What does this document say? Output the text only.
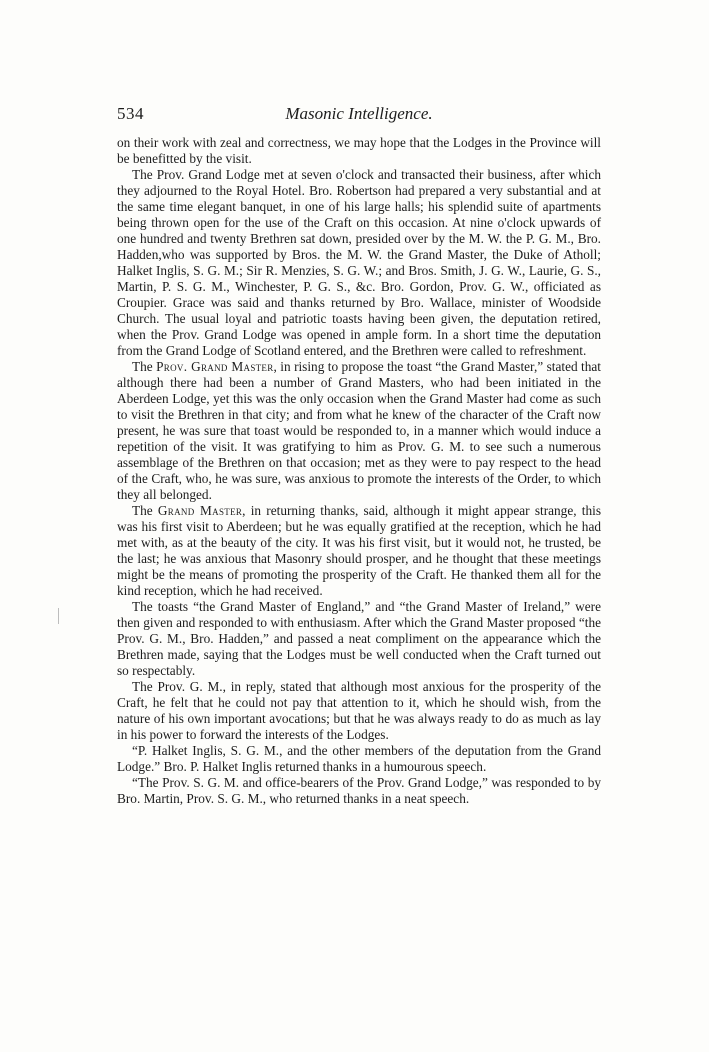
534	Masonic Intelligence.

on their work with zeal and correctness, we may hope that the Lodges in the Province will be benefitted by the visit.

The Prov. Grand Lodge met at seven o'clock and transacted their business, after which they adjourned to the Royal Hotel. Bro. Robertson had prepared a very substantial and at the same time elegant banquet, in one of his large halls; his splendid suite of apartments being thrown open for the use of the Craft on this occasion. At nine o'clock upwards of one hundred and twenty Brethren sat down, presided over by the M. W. the P. G. M., Bro. Hadden,who was supported by Bros. the M. W. the Grand Master, the Duke of Atholl; Halket Inglis, S. G. M.; Sir R. Menzies, S. G. W.; and Bros. Smith, J. G. W., Laurie, G. S., Martin, P. S. G. M., Winchester, P. G. S., &c. Bro. Gordon, Prov. G. W., officiated as Croupier. Grace was said and thanks returned by Bro. Wallace, minister of Woodside Church. The usual loyal and patriotic toasts having been given, the deputation retired, when the Prov. Grand Lodge was opened in ample form. In a short time the deputation from the Grand Lodge of Scotland entered, and the Brethren were called to refreshment.

The Prov. Grand Master, in rising to propose the toast “the Grand Master,” stated that although there had been a number of Grand Masters, who had been initiated in the Aberdeen Lodge, yet this was the only occasion when the Grand Master had come as such to visit the Brethren in that city; and from what he knew of the character of the Craft now present, he was sure that toast would be responded to, in a manner which would induce a repetition of the visit. It was gratifying to him as Prov. G. M. to see such a numerous assemblage of the Brethren on that occasion; met as they were to pay respect to the head of the Craft, who, he was sure, was anxious to promote the interests of the Order, to which they all belonged.

The Grand Master, in returning thanks, said, although it might appear strange, this was his first visit to Aberdeen; but he was equally gratified at the reception, which he had met with, as at the beauty of the city. It was his first visit, but it would not, he trusted, be the last; he was anxious that Masonry should prosper, and he thought that these meetings might be the means of promoting the prosperity of the Craft. He thanked them all for the kind reception, which he had received.

The toasts “the Grand Master of England,” and “the Grand Master of Ireland,” were then given and responded to with enthusiasm. After which the Grand Master proposed “the Prov. G. M., Bro. Hadden,” and passed a neat compliment on the appearance which the Brethren made, saying that the Lodges must be well conducted when the Craft turned out so respectably.

The Prov. G. M., in reply, stated that although most anxious for the prosperity of the Craft, he felt that he could not pay that attention to it, which he should wish, from the nature of his own important avocations; but that he was always ready to do as much as lay in his power to forward the interests of the Lodges.

“P. Halket Inglis, S. G. M., and the other members of the deputation from the Grand Lodge.” Bro. P. Halket Inglis returned thanks in a humourous speech.

“The Prov. S. G. M. and office-bearers of the Prov. Grand Lodge,” was responded to by Bro. Martin, Prov. S. G. M., who returned thanks in a neat speech.
